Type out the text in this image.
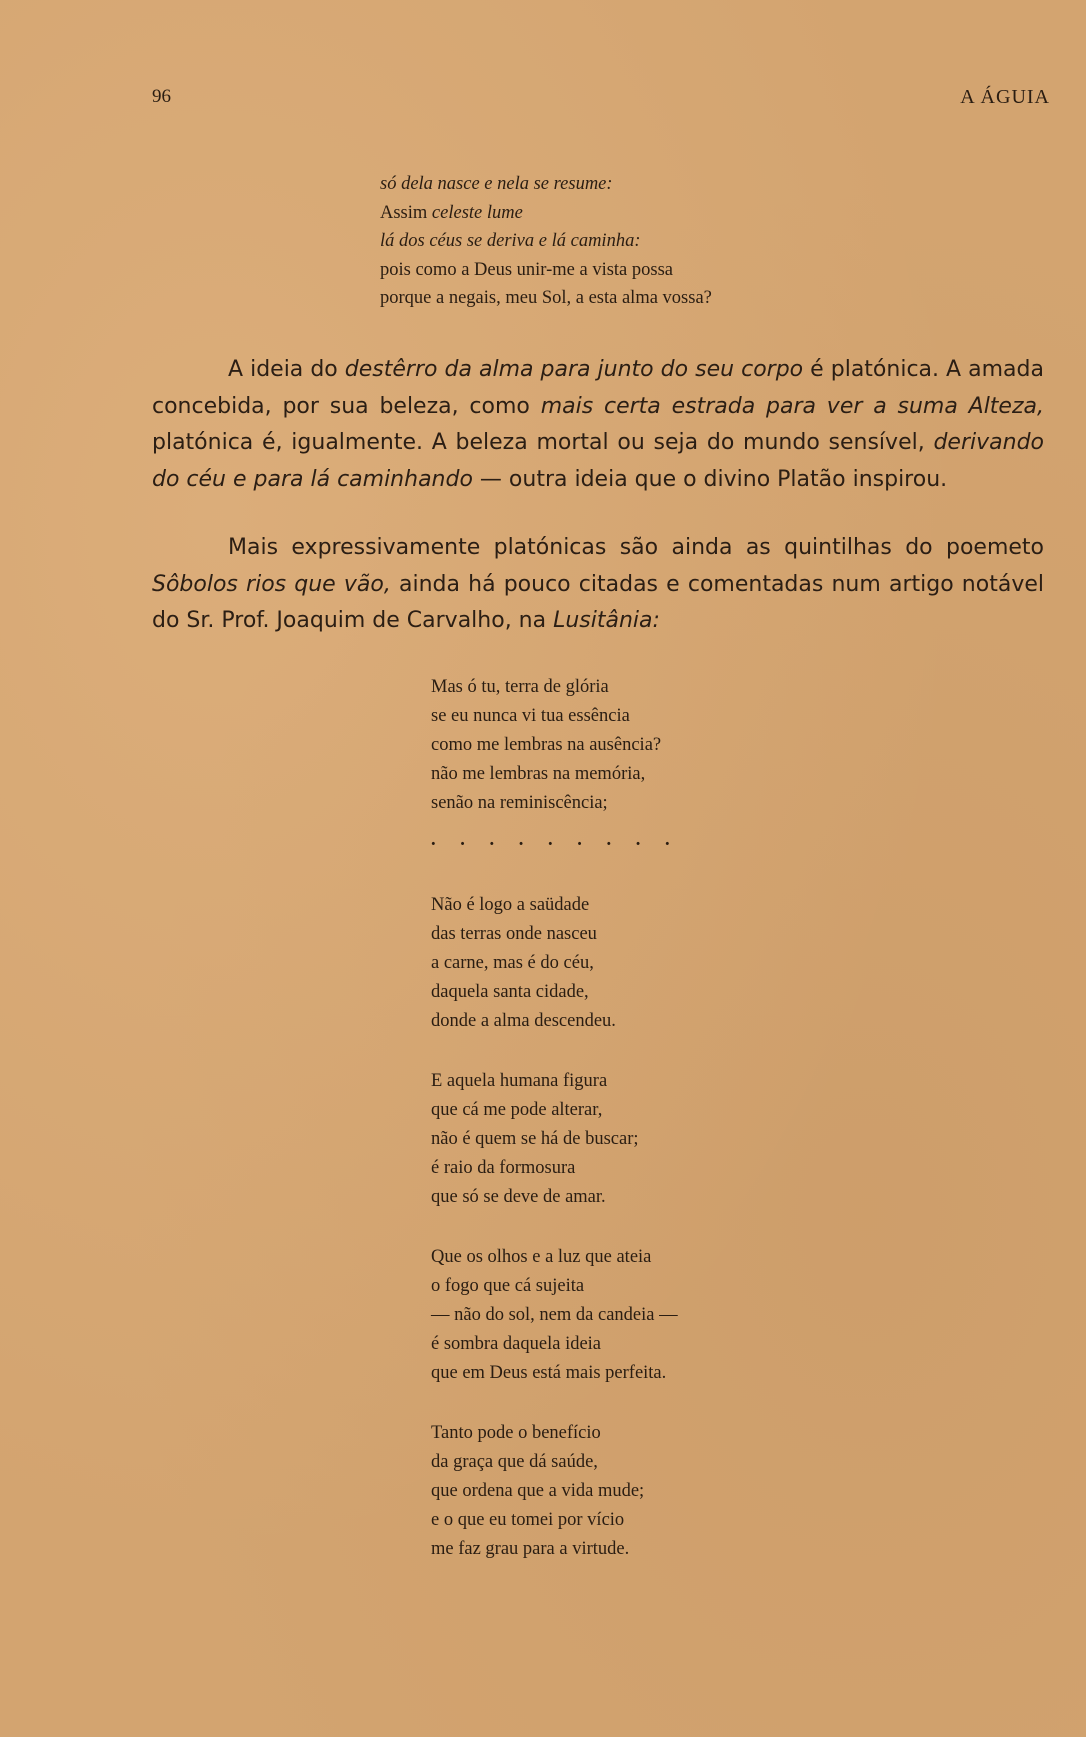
96	A ÁGUIA
só dela nasce e nela se resume:
Assim celeste lume
lá dos céus se deriva e lá caminha:
pois como a Deus unir-me a vista possa
porque a negais, meu Sol, a esta alma vossa?

A ideia do destêrro da alma para junto do seu corpo é platónica. A amada concebida, por sua beleza, como mais certa estrada para ver a suma Alteza, platónica é, igualmente. A beleza mortal ou seja do mundo sensível, derivando do céu e para lá caminhando — outra ideia que o divino Platão inspirou.

Mais expressivamente platónicas são ainda as quintilhas do poemeto Sôbolos rios que vão, ainda há pouco citadas e comentadas num artigo notável do Sr. Prof. Joaquim de Carvalho, na Lusitânia:

Mas ó tu, terra de glória
se eu nunca vi tua essência
como me lembras na ausência?
não me lembras na memória,
senão na reminiscência;
. . . . . . . . .
Não é logo a saüdade
das terras onde nasceu
a carne, mas é do céu,
daquela santa cidade,
donde a alma descendeu.
E aquela humana figura
que cá me pode alterar,
não é quem se há de buscar;
é raio da formosura
que só se deve de amar.
Que os olhos e a luz que ateia
o fogo que cá sujeita
— não do sol, nem da candeia —
é sombra daquela ideia
que em Deus está mais perfeita.
Tanto pode o benefício
da graça que dá saúde,
que ordena que a vida mude;
e o que eu tomei por vício
me faz grau para a virtude.
